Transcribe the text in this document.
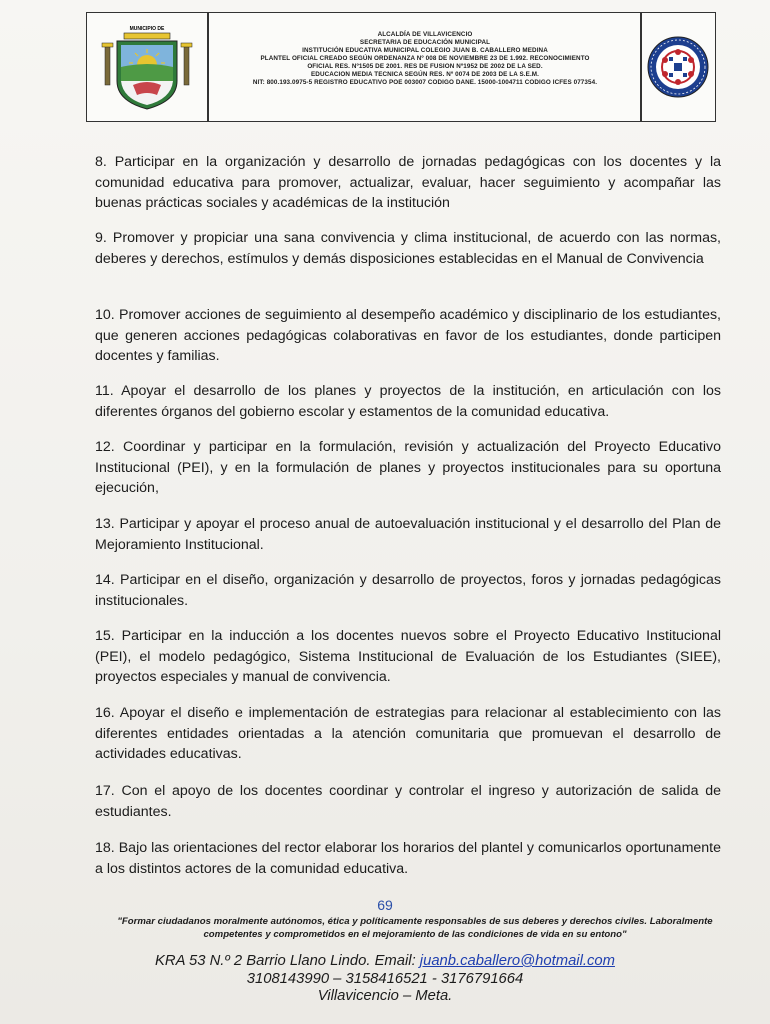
MUNICIPIO DE
ALCALDÍA DE VILLAVICENCIO
SECRETARIA DE EDUCACIÓN MUNICIPAL
INSTITUCIÓN EDUCATIVA MUNICIPAL COLEGIO JUAN B. CABALLERO MEDINA
PLANTEL OFICIAL CREADO SEGÚN ORDENANZA Nº 008 DE NOVIEMBRE 23 DE 1.992. RECONOCIMIENTO
OFICIAL RES. Nº1505 DE 2001. RES DE FUSION Nº1952 DE 2002 DE LA SED.
EDUCACION MEDIA TECNICA SEGÚN RES. Nº 0074 DE 2003 DE LA S.E.M.
NIT: 800.193.0975-5 REGISTRO EDUCATIVO POE 003007 CODIGO DANE. 15000-1004711 CODIGO ICFES 077354.

8. Participar en la organización y desarrollo de jornadas pedagógicas con los docentes y la comunidad educativa para promover, actualizar, evaluar, hacer seguimiento y acompañar las buenas prácticas sociales y académicas de la institución

9. Promover y propiciar una sana convivencia y clima institucional, de acuerdo con las normas, deberes y derechos, estímulos y demás disposiciones establecidas en el Manual de Convivencia

10. Promover acciones de seguimiento al desempeño académico y disciplinario de los estudiantes, que generen acciones pedagógicas colaborativas en favor de los estudiantes, donde participen docentes y familias.

11. Apoyar el desarrollo de los planes y proyectos de la institución, en articulación con los diferentes órganos del gobierno escolar y estamentos de la comunidad educativa.

12. Coordinar y participar en la formulación, revisión y actualización del Proyecto Educativo Institucional (PEI), y en la formulación de planes y proyectos institucionales para su oportuna ejecución,

13. Participar y apoyar el proceso anual de autoevaluación institucional y el desarrollo del Plan de Mejoramiento Institucional.

14. Participar en el diseño, organización y desarrollo de proyectos, foros y jornadas pedagógicas institucionales.

15. Participar en la inducción a los docentes nuevos sobre el Proyecto Educativo Institucional (PEI), el modelo pedagógico, Sistema Institucional de Evaluación de los Estudiantes (SIEE), proyectos especiales y manual de convivencia.

16. Apoyar el diseño e implementación de estrategias para relacionar al establecimiento con las diferentes entidades orientadas a la atención comunitaria que promuevan el desarrollo de actividades educativas.

17. Con el apoyo de los docentes coordinar y controlar el ingreso y autorización de salida de estudiantes.

18. Bajo las orientaciones del rector elaborar los horarios del plantel y comunicarlos oportunamente a los distintos actores de la comunidad educativa.

69
"Formar ciudadanos moralmente autónomos, ética y políticamente responsables de sus deberes y derechos civiles. Laboralmente
competentes y comprometidos en el mejoramiento de las condiciones de vida en su entono"
KRA 53 N.º 2 Barrio Llano Lindo. Email: juanb.caballero@hotmail.com
3108143990 – 3158416521 - 3176791664
Villavicencio – Meta.
